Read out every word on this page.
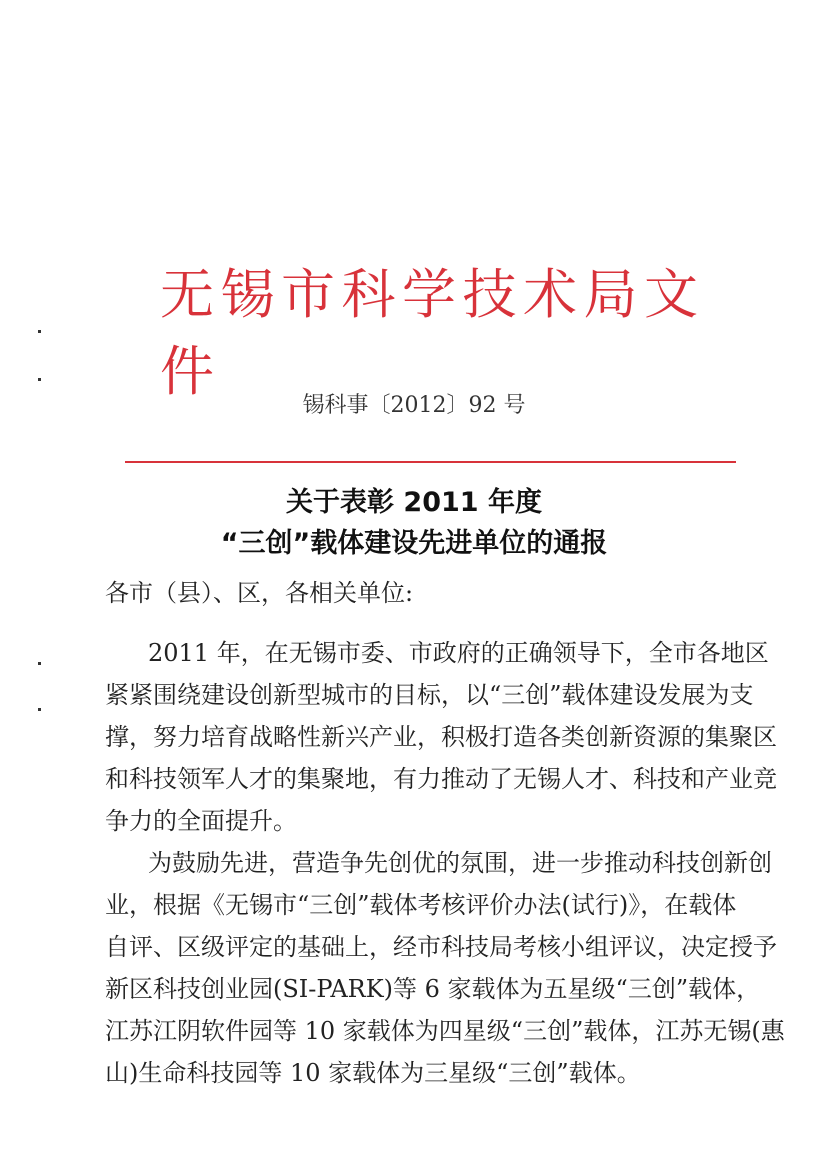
无锡市科学技术局文件
锡科事〔2012〕92 号
关于表彰 2011 年度
“三创”载体建设先进单位的通报
各市（县）、区，各相关单位:
2011 年，在无锡市委、市政府的正确领导下，全市各地区
紧紧围绕建设创新型城市的目标，以“三创”载体建设发展为支
撑，努力培育战略性新兴产业，积极打造各类创新资源的集聚区
和科技领军人才的集聚地，有力推动了无锡人才、科技和产业竞
争力的全面提升。
为鼓励先进，营造争先创优的氛围，进一步推动科技创新创
业，根据《无锡市“三创”载体考核评价办法(试行)》，在载体
自评、区级评定的基础上，经市科技局考核小组评议，决定授予
新区科技创业园(SI-PARK)等 6 家载体为五星级“三创”载体，
江苏江阴软件园等 10 家载体为四星级“三创”载体，江苏无锡(惠
山)生命科技园等 10 家载体为三星级“三创”载体。
